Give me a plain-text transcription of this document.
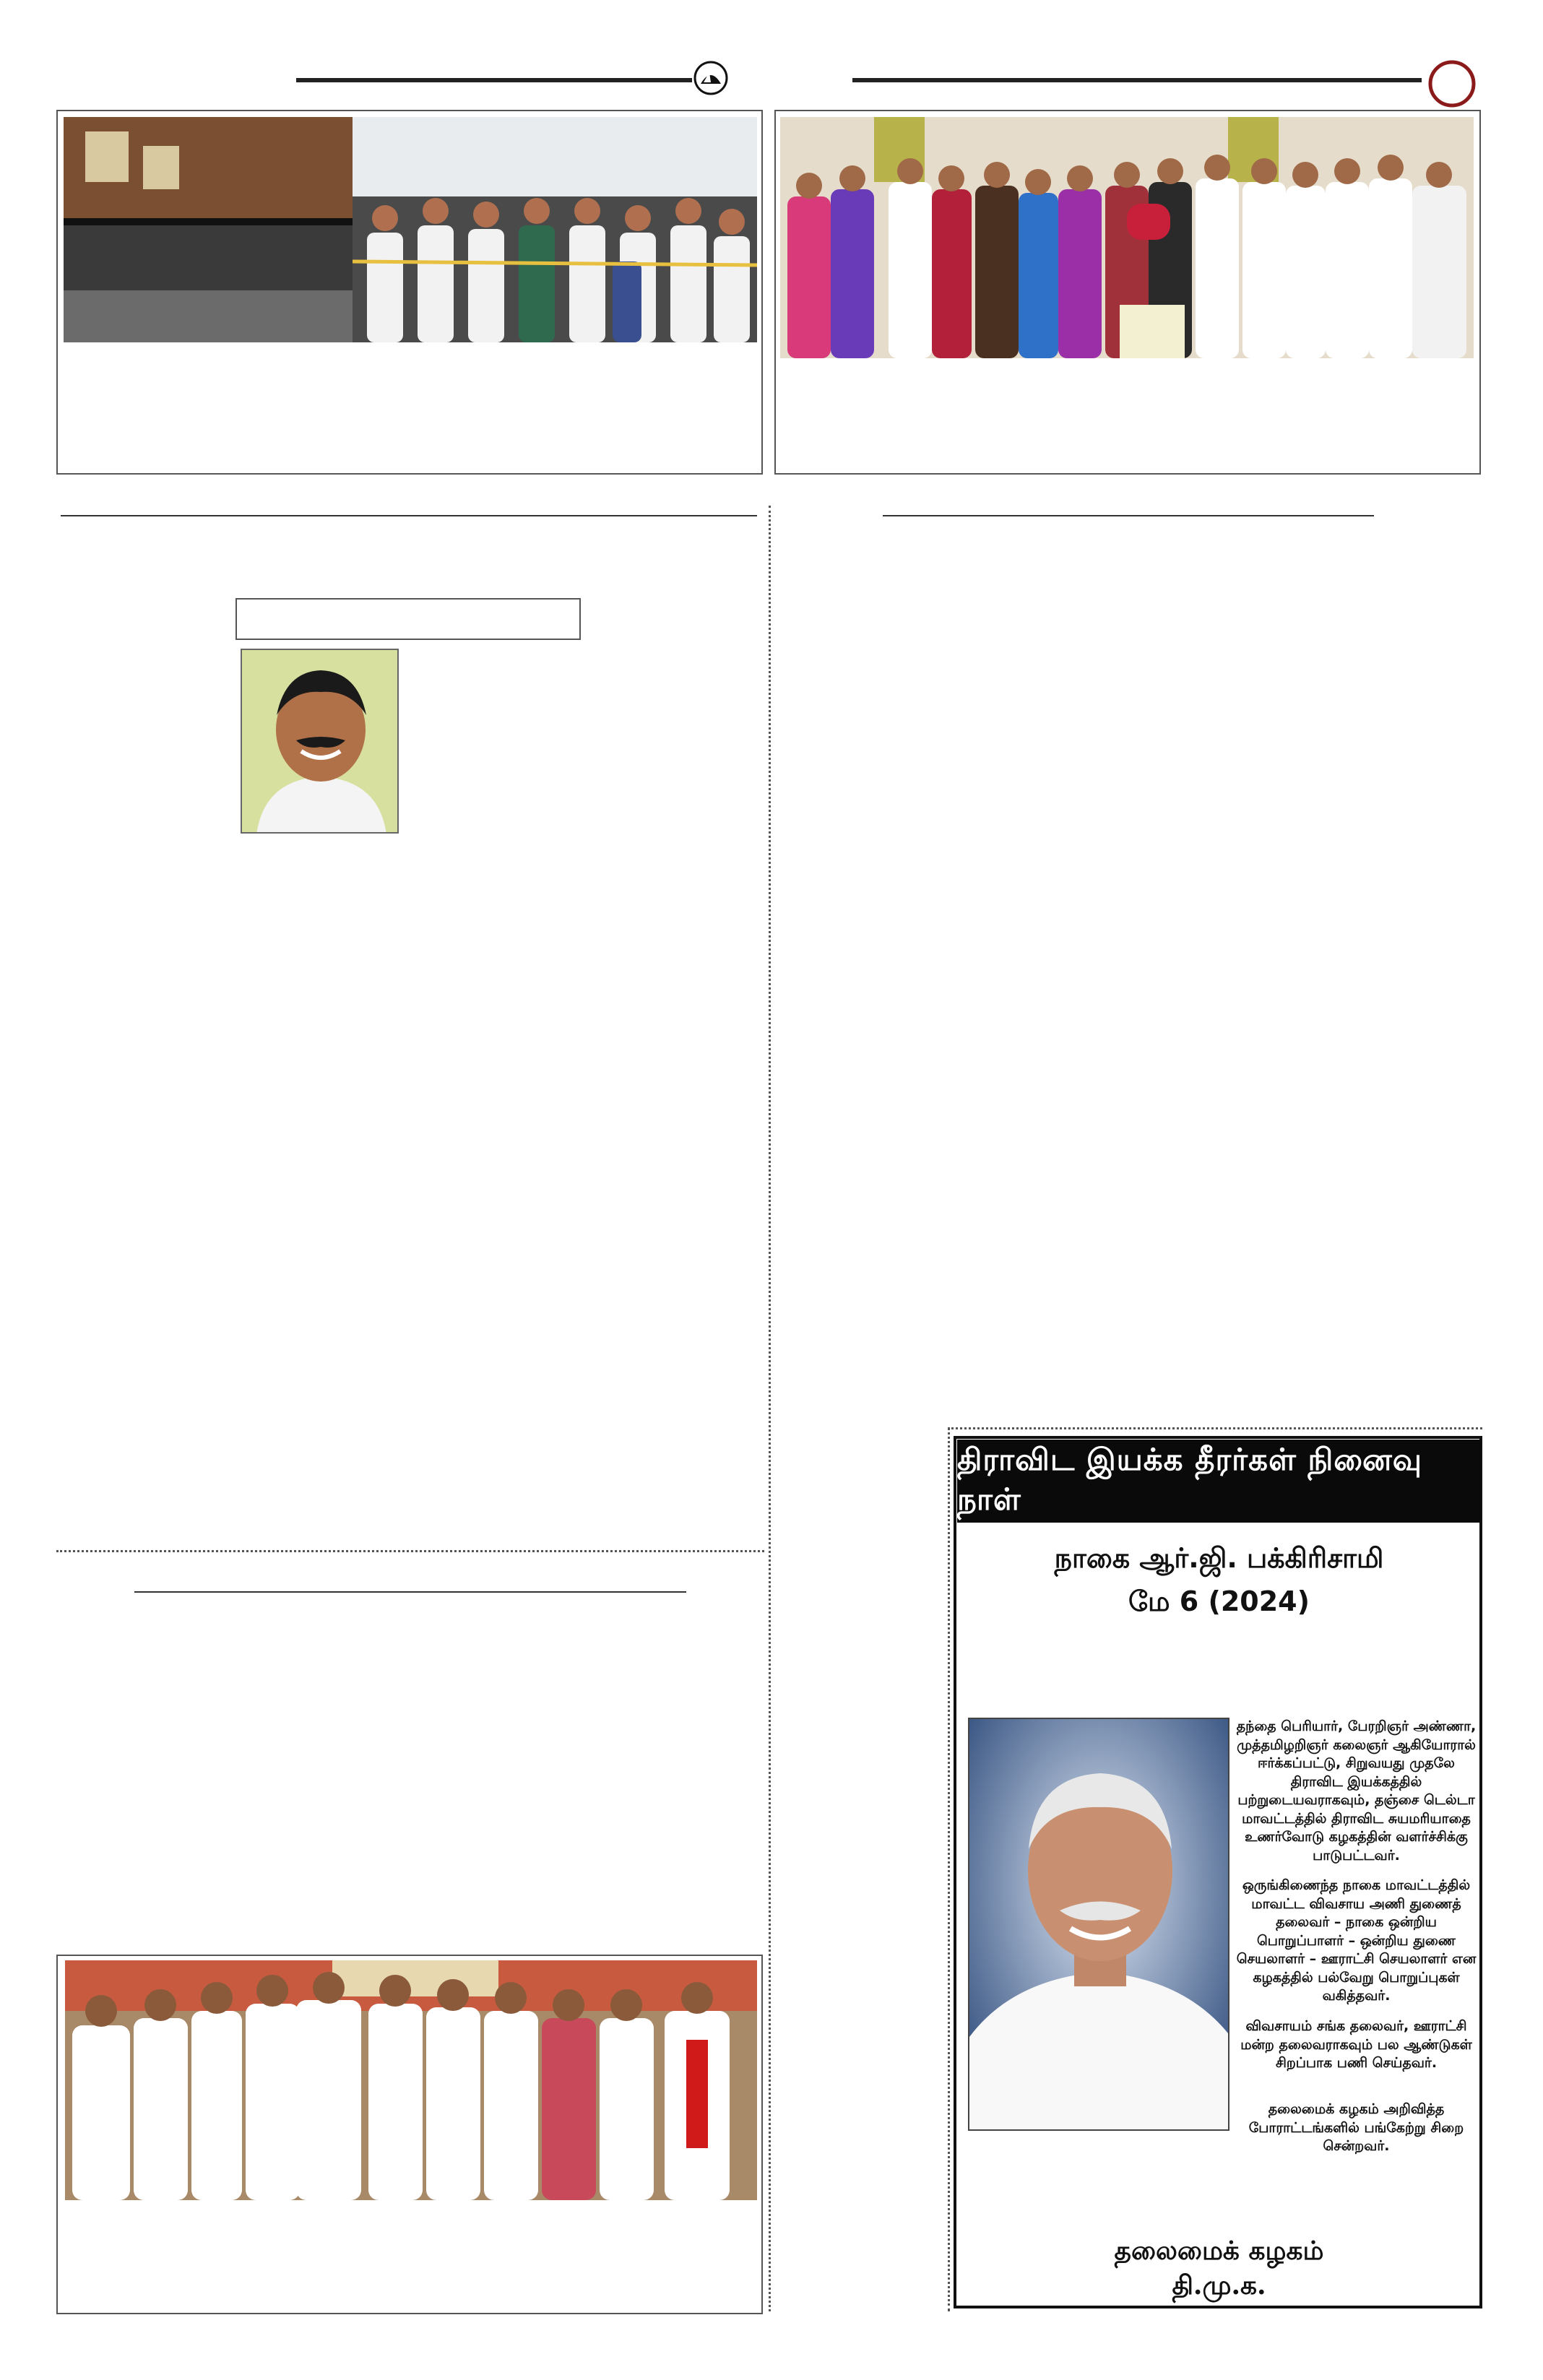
திராவிட இயக்க தீரர்கள் நினைவு நாள்
நாகை ஆர்.ஜி. பக்கிரிசாமி
மே 6 (2024)
தந்தை பெரியார், பேரறிஞர் அண்ணா, முத்தமிழறிஞர் கலைஞர் ஆகியோரால் ஈர்க்கப்பட்டு, சிறுவயது முதலே திராவிட இயக்கத்தில் பற்றுடையவராகவும், தஞ்சை டெல்டா மாவட்டத்தில் திராவிட சுயமரியாதை உணர்வோடு கழகத்தின் வளர்ச்சிக்கு பாடுபட்டவர்.
ஒருங்கிணைந்த நாகை மாவட்டத்தில் மாவட்ட விவசாய அணி துணைத் தலைவர் – நாகை ஒன்றிய பொறுப்பாளர் – ஒன்றிய துணை செயலாளர் – ஊராட்சி செயலாளர் என கழகத்தில் பல்வேறு பொறுப்புகள் வகித்தவர்.
விவசாயம் சங்க தலைவர், ஊராட்சி மன்ற தலைவராகவும் பல ஆண்டுகள் சிறப்பாக பணி செய்தவர்.
தலைமைக் கழகம் அறிவித்த போராட்டங்களில் பங்கேற்று சிறை சென்றவர்.
தலைமைக் கழகம்
தி.மு.க.
